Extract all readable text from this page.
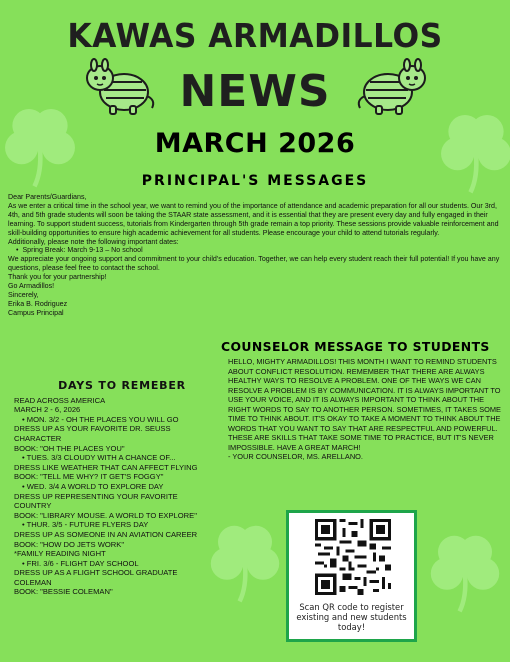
KAWAS ARMADILLOS
NEWS
MARCH 2026
PRINCIPAL'S MESSAGES
Dear Parents/Guardians,
As we enter a critical time in the school year, we want to remind you of the importance of attendance and academic preparation for all our students. Our 3rd, 4th, and 5th grade students will soon be taking the STAAR state assessment, and it is essential that they are present every day and fully engaged in their learning. To support student success, tutorials from Kindergarten through 5th grade remain a top priority. These sessions provide valuable reinforcement and skill-building opportunities to ensure high academic achievement for all students. Please encourage your child to attend tutorials regularly.
Additionally, please note the following important dates:
•  Spring Break: March 9-13 – No school
We appreciate your ongoing support and commitment to your child's education. Together, we can help every student reach their full potential! If you have any questions, please feel free to contact the school.
Thank you for your partnership!
Go Armadillos!
Sincerely,
Erika B. Rodriguez
Campus Principal
DAYS TO REMEBER
READ ACROSS AMERICA
MARCH 2 - 6, 2026
• MON. 3/2 - OH THE PLACES YOU WILL GO
DRESS UP AS YOUR FAVORITE DR. SEUSS CHARACTER
BOOK: "OH THE PLACES YOU"
• TUES. 3/3 CLOUDY WITH A CHANCE OF...
DRESS LIKE WEATHER THAT CAN AFFECT FLYING
BOOK: "TELL ME WHY? IT GET'S FOGGY"
• WED. 3/4 A WORLD TO EXPLORE DAY
DRESS UP REPRESENTING YOUR FAVORITE COUNTRY
BOOK: "LIBRARY MOUSE. A WORLD TO EXPLORE"
• THUR. 3/5 - FUTURE FLYERS DAY
DRESS UP AS SOMEONE IN AN AVIATION CAREER
BOOK: "HOW DO JETS WORK"
*FAMILY READING NIGHT
• FRI. 3/6 - FLIGHT DAY SCHOOL
DRESS UP AS A FLIGHT SCHOOL GRADUATE COLEMAN
BOOK: "BESSIE COLEMAN"
COUNSELOR MESSAGE TO STUDENTS
HELLO, MIGHTY ARMADILLOS! THIS MONTH I WANT TO REMIND STUDENTS ABOUT CONFLICT RESOLUTION. REMEMBER THAT THERE ARE ALWAYS HEALTHY WAYS TO RESOLVE A PROBLEM. ONE OF THE WAYS WE CAN RESOLVE A PROBLEM IS BY COMMUNICATION. IT IS ALWAYS IMPORTANT TO USE YOUR VOICE, AND IT IS ALWAYS IMPORTANT TO THINK ABOUT THE RIGHT WORDS TO SAY TO ANOTHER PERSON. SOMETIMES, IT TAKES SOME TIME TO THINK ABOUT. IT'S OKAY TO TAKE A MOMENT TO THINK ABOUT THE WORDS THAT YOU WANT TO SAY THAT ARE RESPECTFUL AND POWERFUL. THESE ARE SKILLS THAT TAKE SOME TIME TO PRACTICE, BUT IT'S NEVER IMPOSSIBLE. HAVE A GREAT MARCH!
- YOUR COUNSELOR, MS. ARELLANO.
Scan QR code to register existing and new students today!
